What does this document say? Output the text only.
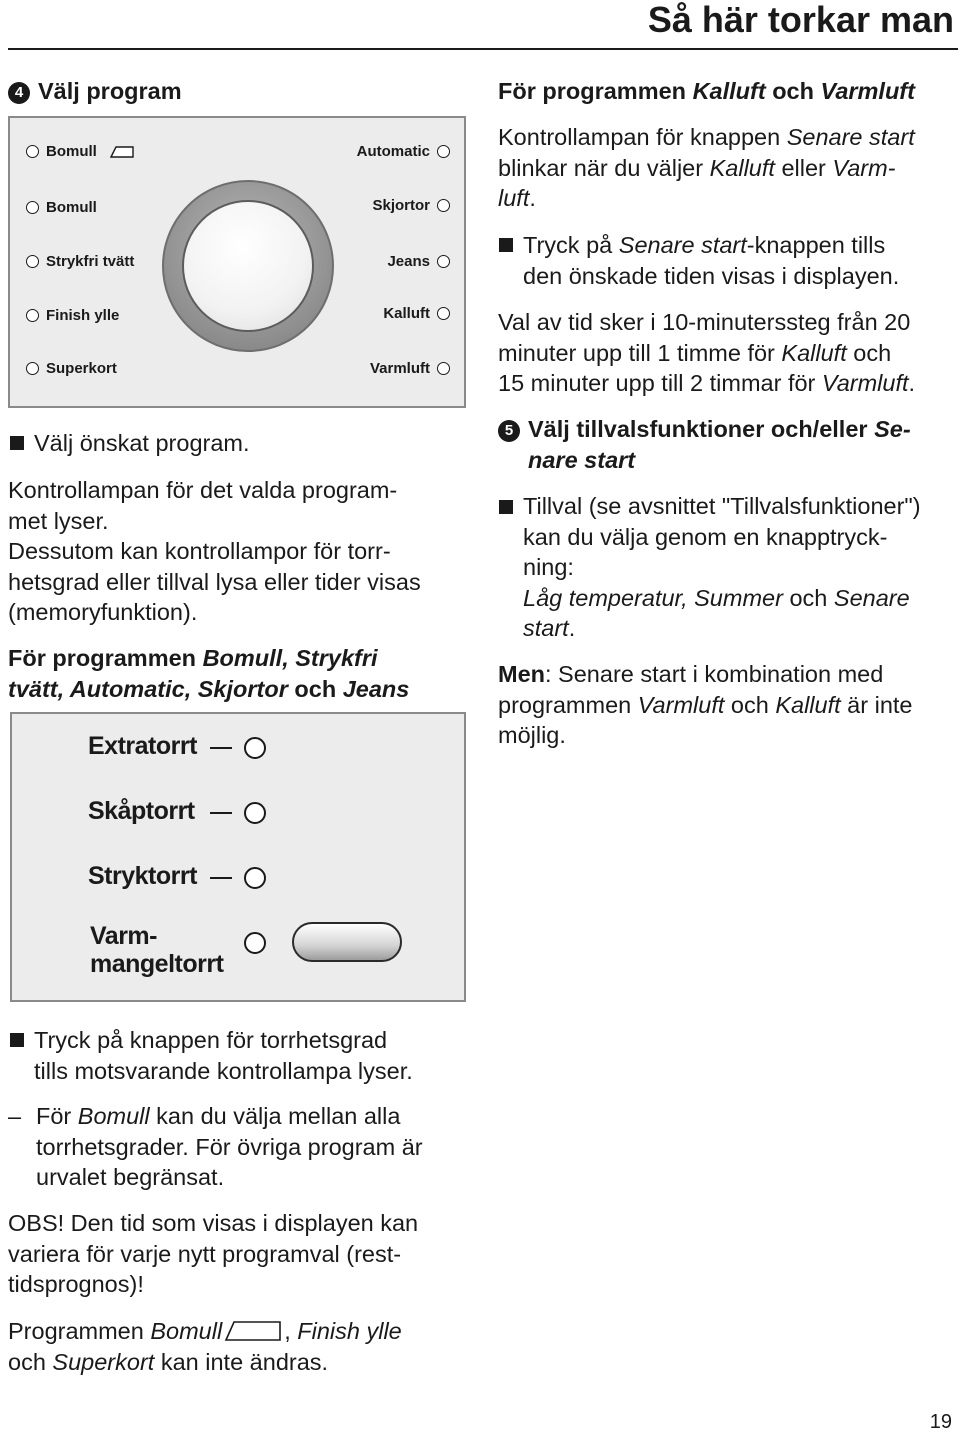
Så här torkar man
4 Välj program
Bomull
Bomull
Strykfri tvätt
Finish ylle
Superkort
Automatic
Skjortor
Jeans
Kalluft
Varmluft
Välj önskat program.
Kontrollampan för det valda program-
met lyser.
Dessutom kan kontrollampor för torr-
hetsgrad eller tillval lysa eller tider visas
(memoryfunktion).
För programmen Bomull, Strykfri
tvätt, Automatic, Skjortor och Jeans
Extratorrt
Skåptorrt
Stryktorrt
Varm-
mangeltorrt
Tryck på knappen för torrhetsgrad
tills motsvarande kontrollampa lyser.
– För Bomull kan du välja mellan alla
torrhetsgrader. För övriga program är
urvalet begränsat.
OBS! Den tid som visas i displayen kan
variera för varje nytt programval (rest-
tidsprognos)!
Programmen Bomull	, Finish ylle
och Superkort kan inte ändras.
För programmen Kalluft och Varmluft
Kontrollampan för knappen Senare start
blinkar när du väljer Kalluft eller Varm-
luft.
Tryck på Senare start-knappen tills
den önskade tiden visas i displayen.
Val av tid sker i 10-minuterssteg från 20
minuter upp till 1 timme för Kalluft och
15 minuter upp till 2 timmar för Varmluft.
5 Välj tillvalsfunktioner och/eller Se-
nare start
Tillval (se avsnittet "Tillvalsfunktioner")
kan du välja genom en knapptryck-
ning:
Låg temperatur, Summer och Senare
start.
Men: Senare start i kombination med
programmen Varmluft och Kalluft är inte
möjlig.
19
